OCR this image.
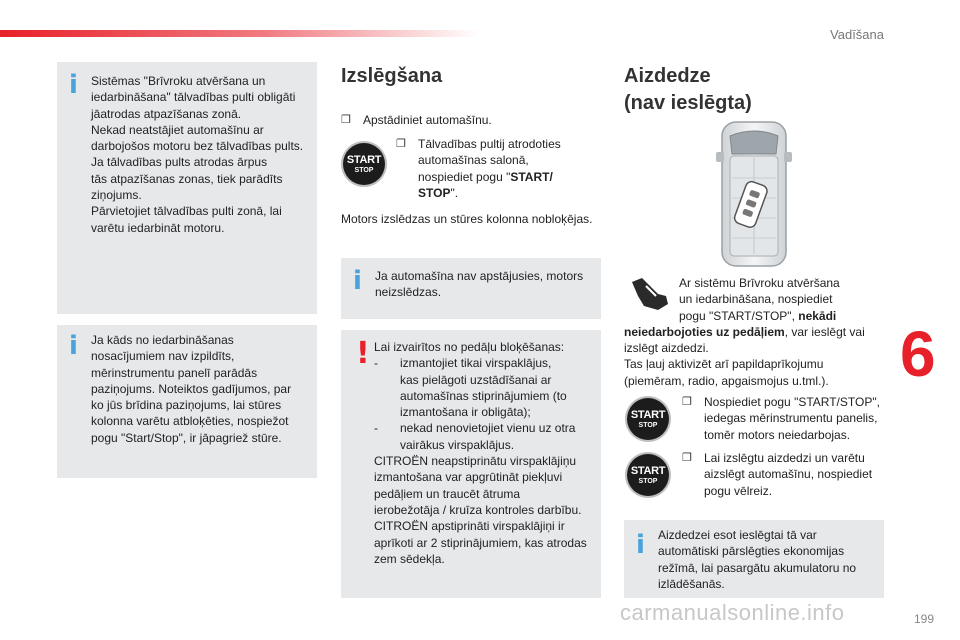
Vadīšana
i Sistēmas "Brīvroku atvēršana un
iedarbināšana" tālvadības pulti obligāti
jāatrodas atpazīšanas zonā.
Nekad neatstājiet automašīnu ar
darbojošos motoru bez tālvadības pults.
Ja tālvadības pults atrodas ārpus
tās atpazīšanas zonas, tiek parādīts
ziņojums.
Pārvietojiet tālvadības pulti zonā, lai
varētu iedarbināt motoru.
i Ja kāds no iedarbināšanas
nosacījumiem nav izpildīts,
mērinstrumentu panelī parādās
paziņojums. Noteiktos gadījumos, par
ko jūs brīdina paziņojums, lai stūres
kolonna varētu atbloķēties, nospiežot
pogu "Start/Stop", ir jāpagriež stūre.
Izslēgšana
❐	Apstādiniet automašīnu.
START
STOP
❐ Tālvadības pultij atrodoties
automašīnas salonā,
nospiediet pogu "START/
STOP".
Motors izslēdzas un stūres kolonna nobloķējas.
i Ja automašīna nav apstājusies, motors
neizslēdzas.
! Lai izvairītos no pedāļu bloķēšanas:
- izmantojiet tikai virspaklājus,
kas pielāgoti uzstādīšanai ar
automašīnas stiprinājumiem (to
izmantošana ir obligāta);
- nekad nenovietojiet vienu uz otra
vairākus virspaklājus.
CITROËN neapstiprinātu virspaklājiņu
izmantošana var apgrūtināt piekļuvi
pedāļiem un traucēt ātruma
ierobežotāja / kruīza kontroles darbību.
CITROËN apstiprināti virspaklājiņi ir
aprīkoti ar 2 stiprinājumiem, kas atrodas
zem sēdekļa.
Aizdedze
(nav ieslēgta)
Ar sistēmu Brīvroku atvēršana
un iedarbināšana, nospiediet
pogu "START/STOP", nekādi
neiedarbojoties uz pedāļiem, var ieslēgt vai
izslēgt aizdedzi.
Tas ļauj aktivizēt arī papildaprīkojumu
(piemēram, radio, apgaismojus u.tml.).
START
STOP
❐ Nospiediet pogu "START/STOP",
iedegas mērinstrumentu panelis,
tomēr motors neiedarbojas.
START
STOP
❐ Lai izslēgtu aizdedzi un varētu
aizslēgt automašīnu, nospiediet
pogu vēlreiz.
i Aizdedzei esot ieslēgtai tā var
automātiski pārslēgties ekonomijas
režīmā, lai pasargātu akumulatoru no
izlādēšanās.
6
carmanualsonline.info	199
